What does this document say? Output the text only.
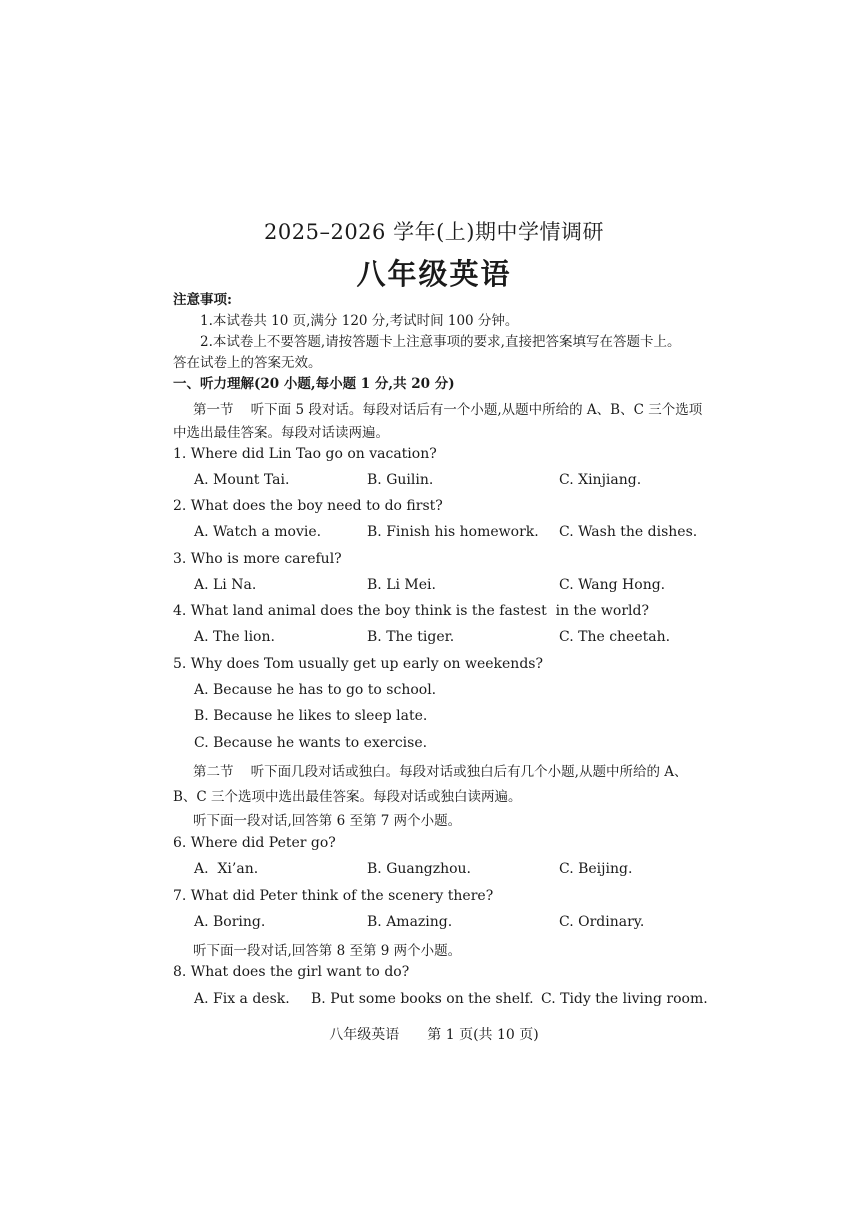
2025–2026 学年(上)期中学情调研
八年级英语
注意事项:
1.本试卷共 10 页,满分 120 分,考试时间 100 分钟。
2.本试卷上不要答题,请按答题卡上注意事项的要求,直接把答案填写在答题卡上。
答在试卷上的答案无效。
一、听力理解(20 小题,每小题 1 分,共 20 分)
第一节    听下面 5 段对话。每段对话后有一个小题,从题中所给的 A、B、C 三个选项
中选出最佳答案。每段对话读两遍。
1. Where did Lin Tao go on vacation?
A. Mount Tai.	B. Guilin.	C. Xinjiang.
2. What does the boy need to do first?
A. Watch a movie.	B. Finish his homework. C. Wash the dishes.
3. Who is more careful?
A. Li Na.	B. Li Mei.	C. Wang Hong.
4. What land animal does the boy think is the fastest  in the world?
A. The lion.	B. The tiger.	C. The cheetah.
5. Why does Tom usually get up early on weekends?
A. Because he has to go to school.
B. Because he likes to sleep late.
C. Because he wants to exercise.
第二节    听下面几段对话或独白。每段对话或独白后有几个小题,从题中所给的 A、
B、C 三个选项中选出最佳答案。每段对话或独白读两遍。
听下面一段对话,回答第 6 至第 7 两个小题。
6. Where did Peter go?
A.  Xi’an.	B. Guangzhou.	C. Beijing.
7. What did Peter think of the scenery there?
A. Boring.	B. Amazing.	C. Ordinary.
听下面一段对话,回答第 8 至第 9 两个小题。
8. What does the girl want to do?
A. Fix a desk. B. Put some books on the shelf. C. Tidy the living room.
八年级英语 第 1 页(共 10 页)
